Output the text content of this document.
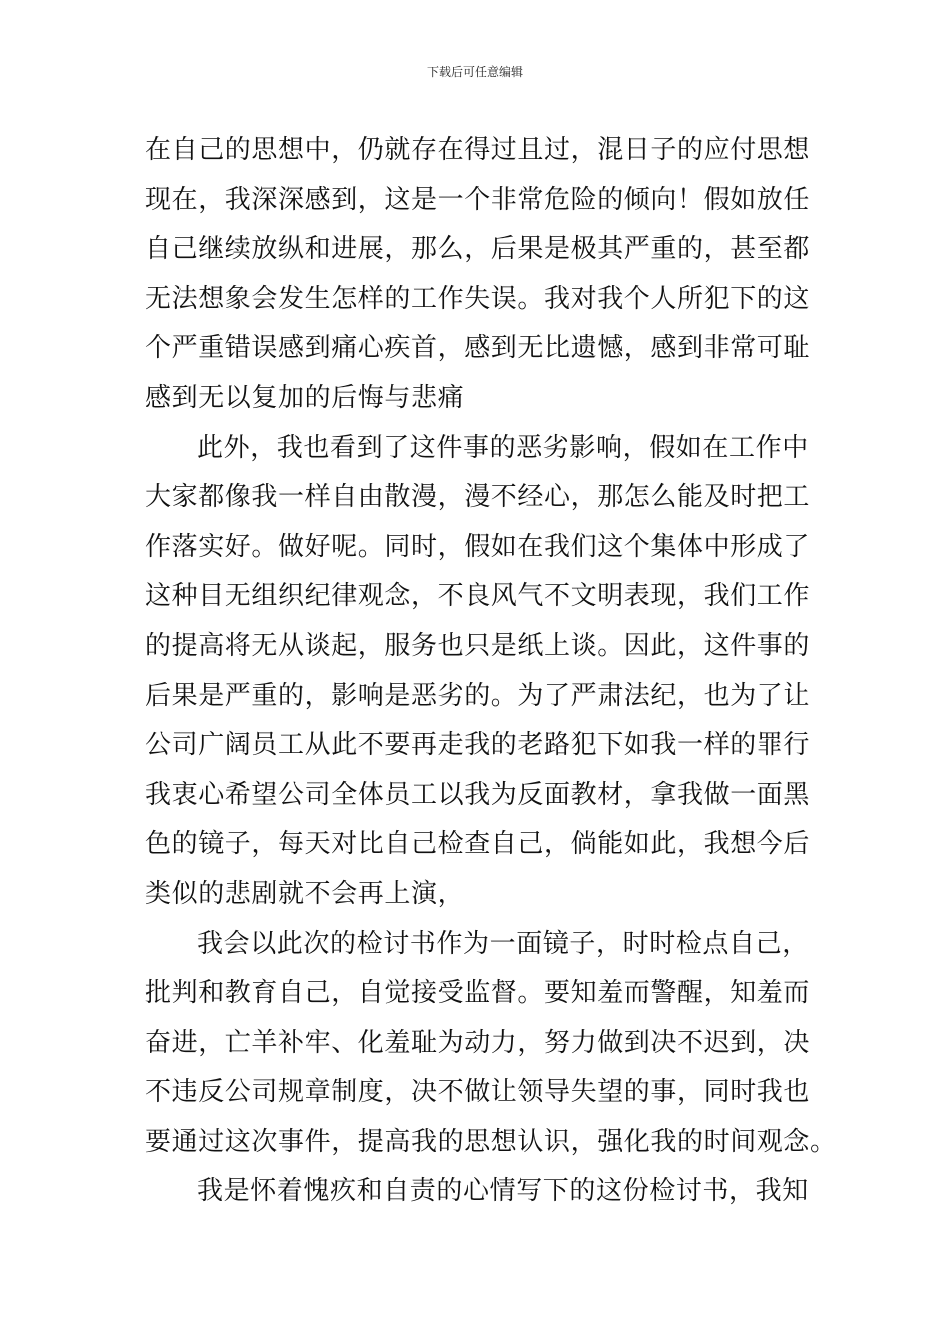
下载后可任意编辑
在自己的思想中，仍就存在得过且过，混日子的应付思想
现在，我深深感到，这是一个非常危险的倾向！假如放任
自己继续放纵和进展，那么，后果是极其严重的，甚至都
无法想象会发生怎样的工作失误。我对我个人所犯下的这
个严重错误感到痛心疾首，感到无比遗憾，感到非常可耻
感到无以复加的后悔与悲痛
此外，我也看到了这件事的恶劣影响，假如在工作中
大家都像我一样自由散漫，漫不经心，那怎么能及时把工
作落实好。做好呢。同时，假如在我们这个集体中形成了
这种目无组织纪律观念，不良风气不文明表现，我们工作
的提高将无从谈起，服务也只是纸上谈。因此，这件事的
后果是严重的，影响是恶劣的。为了严肃法纪，也为了让
公司广阔员工从此不要再走我的老路犯下如我一样的罪行
我衷心希望公司全体员工以我为反面教材，拿我做一面黑
色的镜子，每天对比自己检查自己，倘能如此，我想今后
类似的悲剧就不会再上演，
我会以此次的检讨书作为一面镜子，时时检点自己，
批判和教育自己，自觉接受监督。要知羞而警醒，知羞而
奋进，亡羊补牢、化羞耻为动力，努力做到决不迟到，决
不违反公司规章制度，决不做让领导失望的事，同时我也
要通过这次事件，提高我的思想认识，强化我的时间观念。
我是怀着愧疚和自责的心情写下的这份检讨书，我知
